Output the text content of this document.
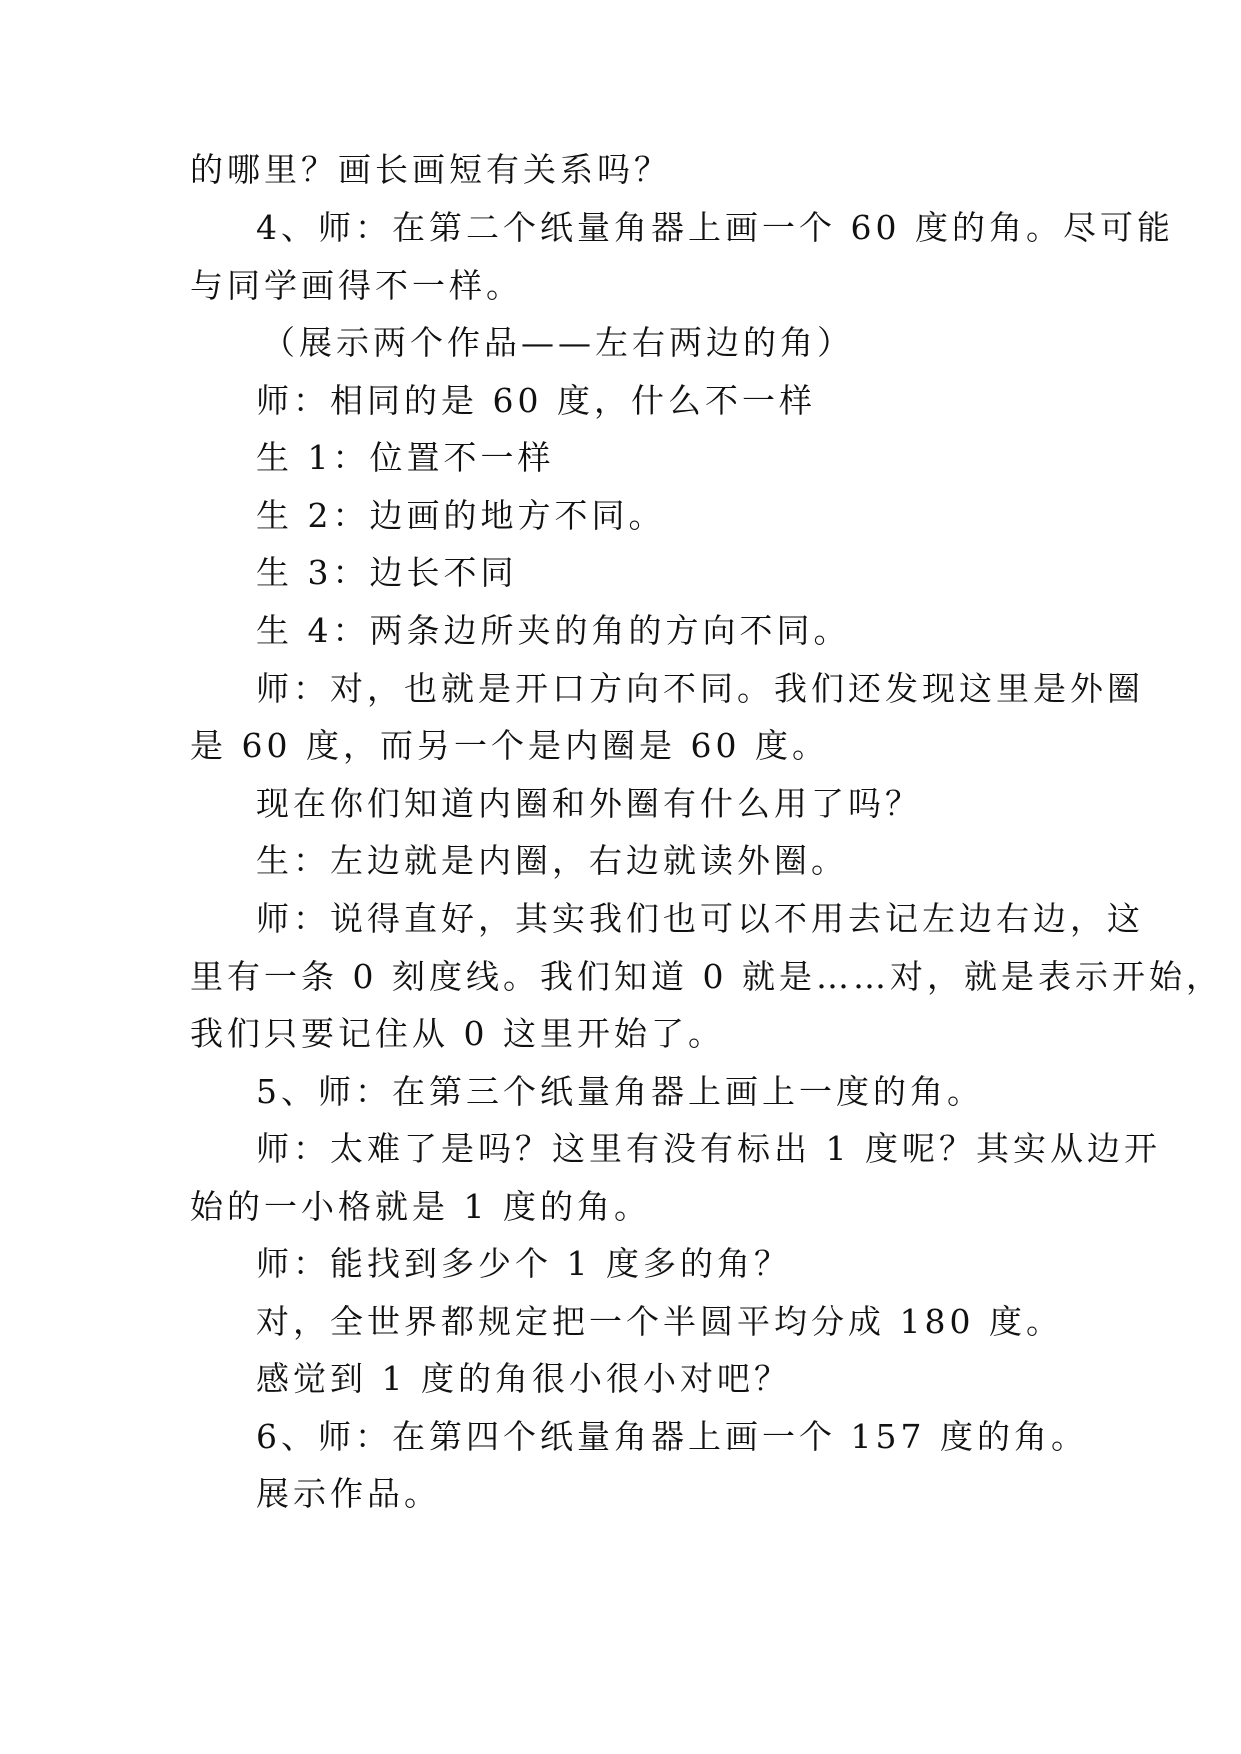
的哪里？画长画短有关系吗？
4、师：在第二个纸量角器上画一个 60 度的角。尽可能
与同学画得不一样。
（展示两个作品——左右两边的角）
师：相同的是 60 度，什么不一样
生 1：位置不一样
生 2：边画的地方不同。
生 3：边长不同
生 4：两条边所夹的角的方向不同。
师：对，也就是开口方向不同。我们还发现这里是外圈
是 60 度，而另一个是内圈是 60 度。
现在你们知道内圈和外圈有什么用了吗？
生：左边就是内圈，右边就读外圈。
师：说得直好，其实我们也可以不用去记左边右边，这
里有一条 0 刻度线。我们知道 0 就是……对，就是表示开始，
我们只要记住从 0 这里开始了。
5、师：在第三个纸量角器上画上一度的角。
师：太难了是吗？这里有没有标出 1 度呢？其实从边开
始的一小格就是 1 度的角。
师：能找到多少个 1 度多的角？
对，全世界都规定把一个半圆平均分成 180 度。
感觉到 1 度的角很小很小对吧？
6、师：在第四个纸量角器上画一个 157 度的角。
展示作品。
